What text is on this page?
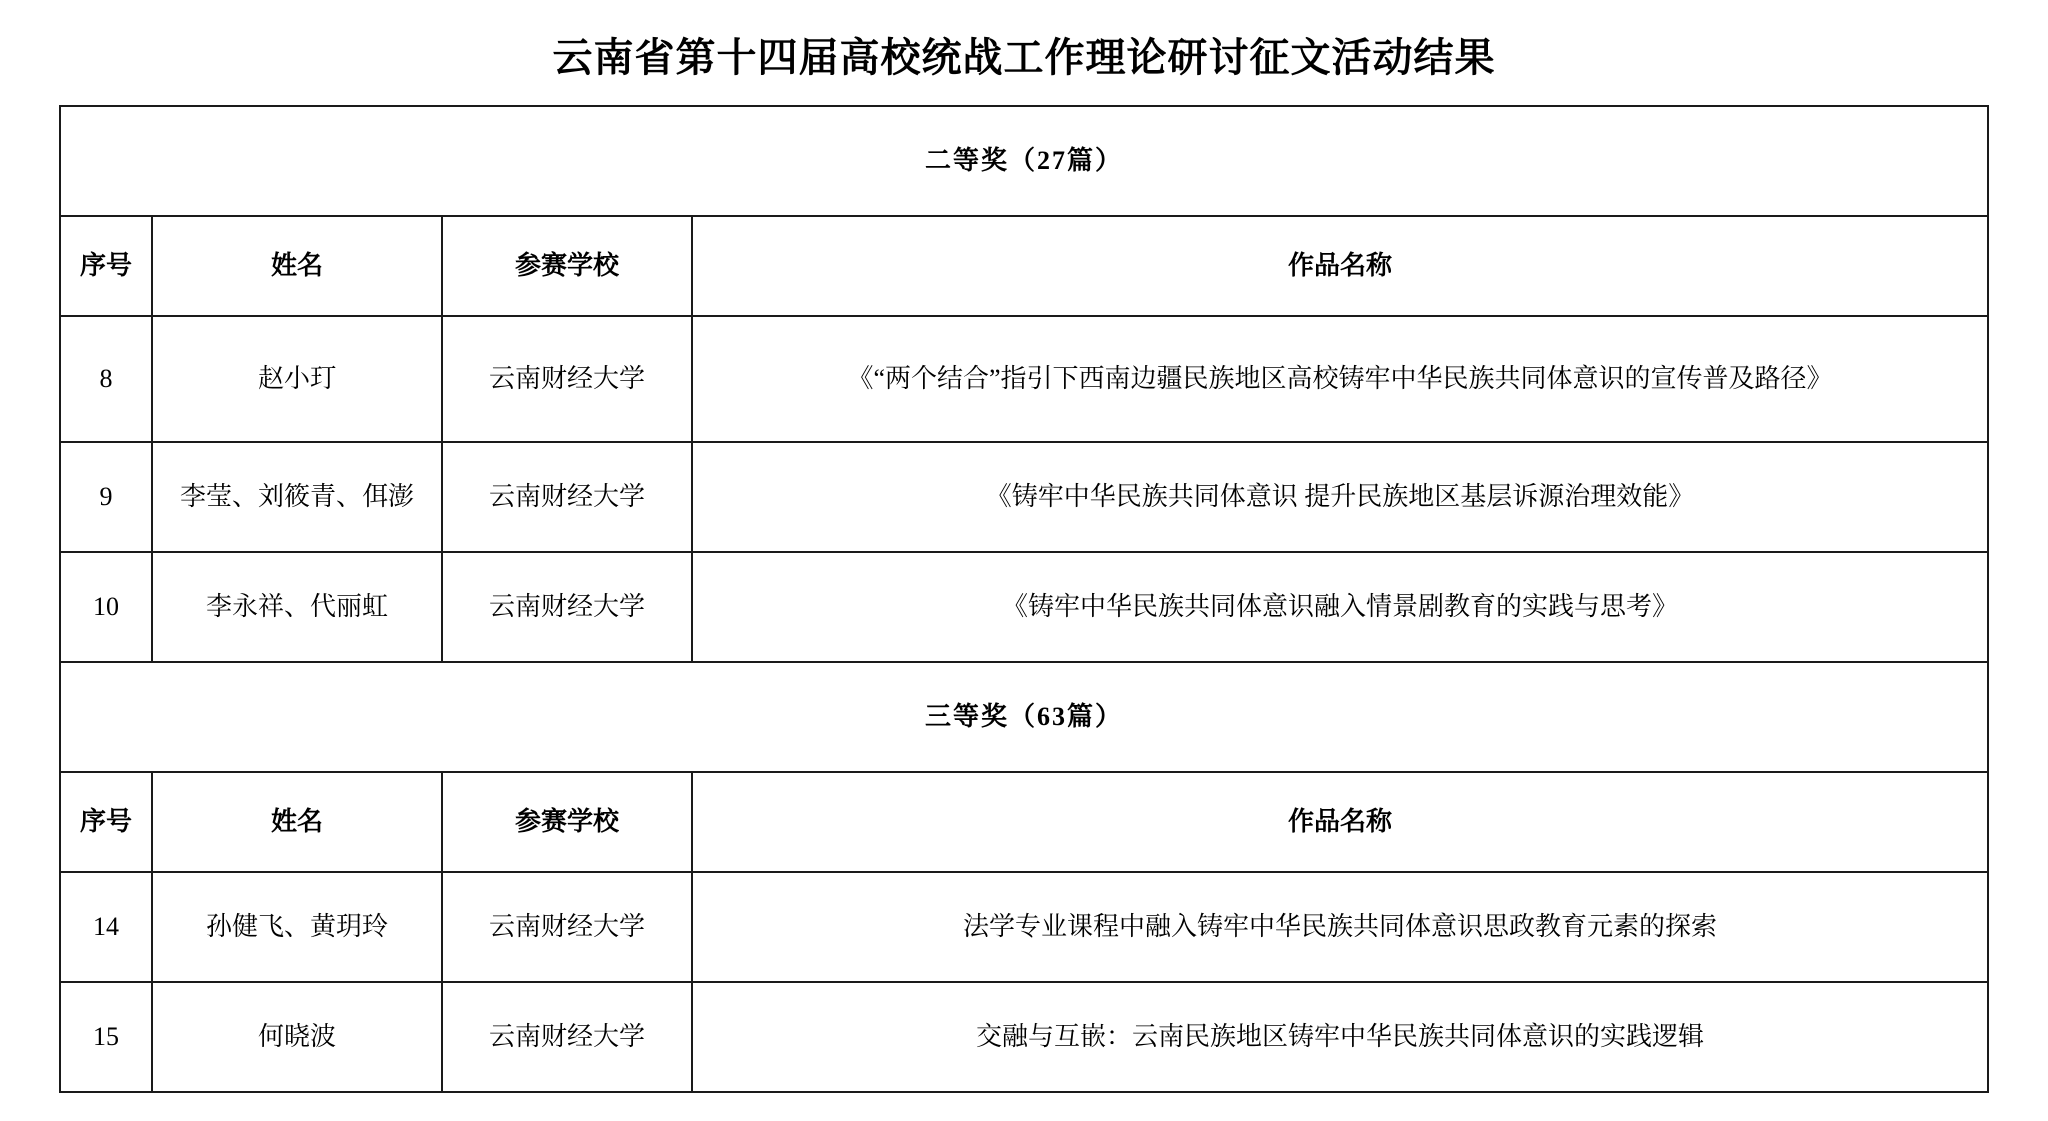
云南省第十四届高校统战工作理论研讨征文活动结果
二等奖（27篇）			
序号	姓名	参赛学校	作品名称
8	赵小玎	云南财经大学	《“两个结合”指引下西南边疆民族地区高校铸牢中华民族共同体意识的宣传普及路径》
9	李莹、刘筱青、佴澎	云南财经大学	《铸牢中华民族共同体意识 提升民族地区基层诉源治理效能》
10	李永祥、代丽虹	云南财经大学	《铸牢中华民族共同体意识融入情景剧教育的实践与思考》
三等奖（63篇）			
序号	姓名	参赛学校	作品名称
14	孙健飞、黄玥玲	云南财经大学	法学专业课程中融入铸牢中华民族共同体意识思政教育元素的探索
15	何晓波	云南财经大学	交融与互嵌：云南民族地区铸牢中华民族共同体意识的实践逻辑
